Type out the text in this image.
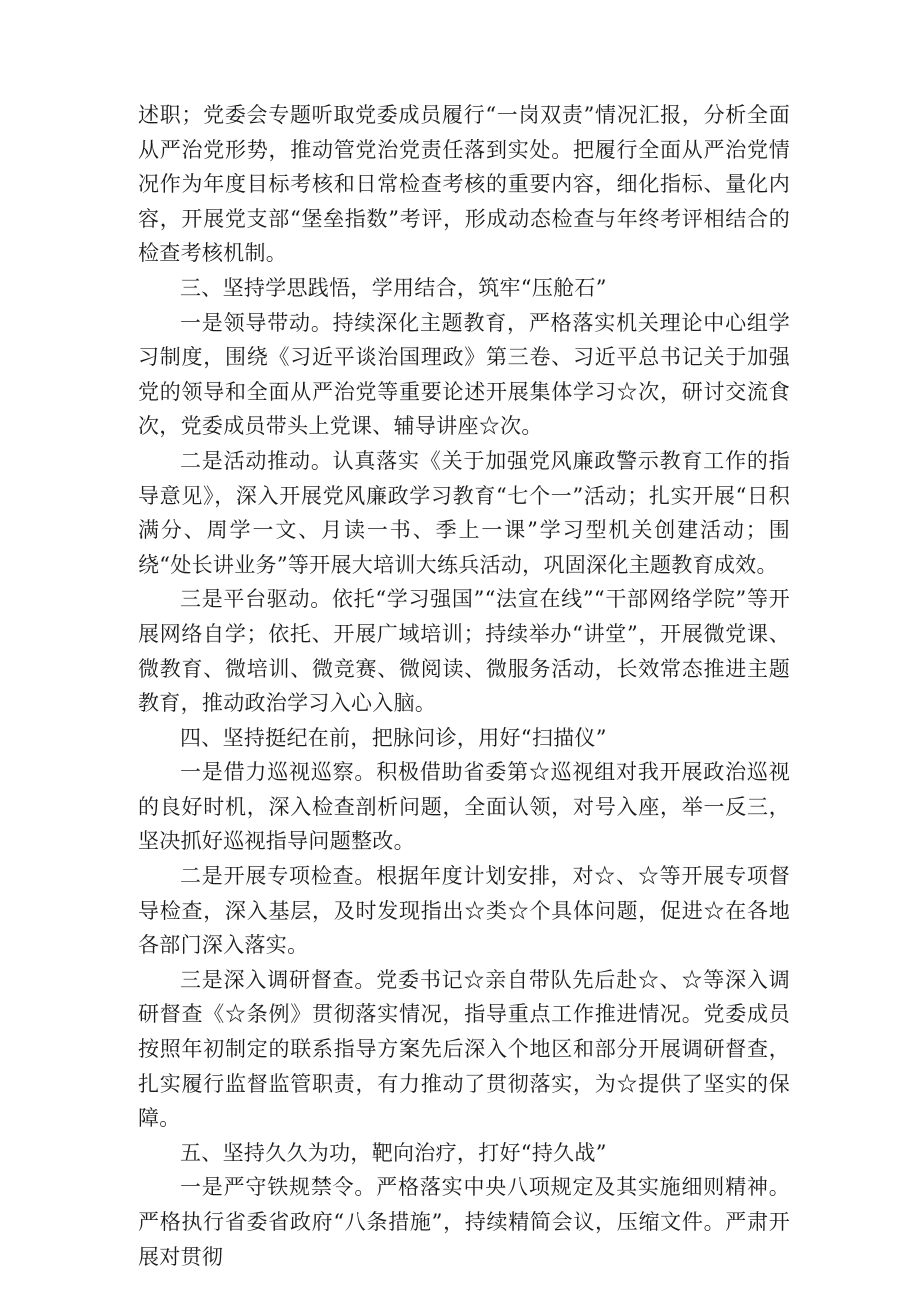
述职；党委会专题听取党委成员履行“一岗双责”情况汇报，分析全面从严治党形势，推动管党治党责任落到实处。把履行全面从严治党情况作为年度目标考核和日常检查考核的重要内容，细化指标、量化内容，开展党支部“堡垒指数”考评，形成动态检查与年终考评相结合的检查考核机制。

三、坚持学思践悟，学用结合，筑牢“压舱石”

一是领导带动。持续深化主题教育，严格落实机关理论中心组学习制度，围绕《习近平谈治国理政》第三卷、习近平总书记关于加强党的领导和全面从严治党等重要论述开展集体学习☆次，研讨交流食次，党委成员带头上党课、辅导讲座☆次。

二是活动推动。认真落实《关于加强党风廉政警示教育工作的指导意见》，深入开展党风廉政学习教育“七个一”活动；扎实开展“日积满分、周学一文、月读一书、季上一课”学习型机关创建活动；围绕“处长讲业务”等开展大培训大练兵活动，巩固深化主题教育成效。

三是平台驱动。依托“学习强国”“法宣在线”“干部网络学院”等开展网络自学；依托、开展广域培训；持续举办“讲堂”，开展微党课、微教育、微培训、微竞赛、微阅读、微服务活动，长效常态推进主题教育，推动政治学习入心入脑。

四、坚持挺纪在前，把脉问诊，用好“扫描仪”

一是借力巡视巡察。积极借助省委第☆巡视组对我开展政治巡视的良好时机，深入检查剖析问题，全面认领，对号入座，举一反三，坚决抓好巡视指导问题整改。

二是开展专项检查。根据年度计划安排，对☆、☆等开展专项督导检查，深入基层，及时发现指出☆类☆个具体问题，促进☆在各地各部门深入落实。

三是深入调研督查。党委书记☆亲自带队先后赴☆、☆等深入调研督查《☆条例》贯彻落实情况，指导重点工作推进情况。党委成员按照年初制定的联系指导方案先后深入个地区和部分开展调研督查，扎实履行监督监管职责，有力推动了贯彻落实，为☆提供了坚实的保障。

五、坚持久久为功，靶向治疗，打好“持久战”

一是严守铁规禁令。严格落实中央八项规定及其实施细则精神。严格执行省委省政府“八条措施”，持续精简会议，压缩文件。严肃开展对贯彻
